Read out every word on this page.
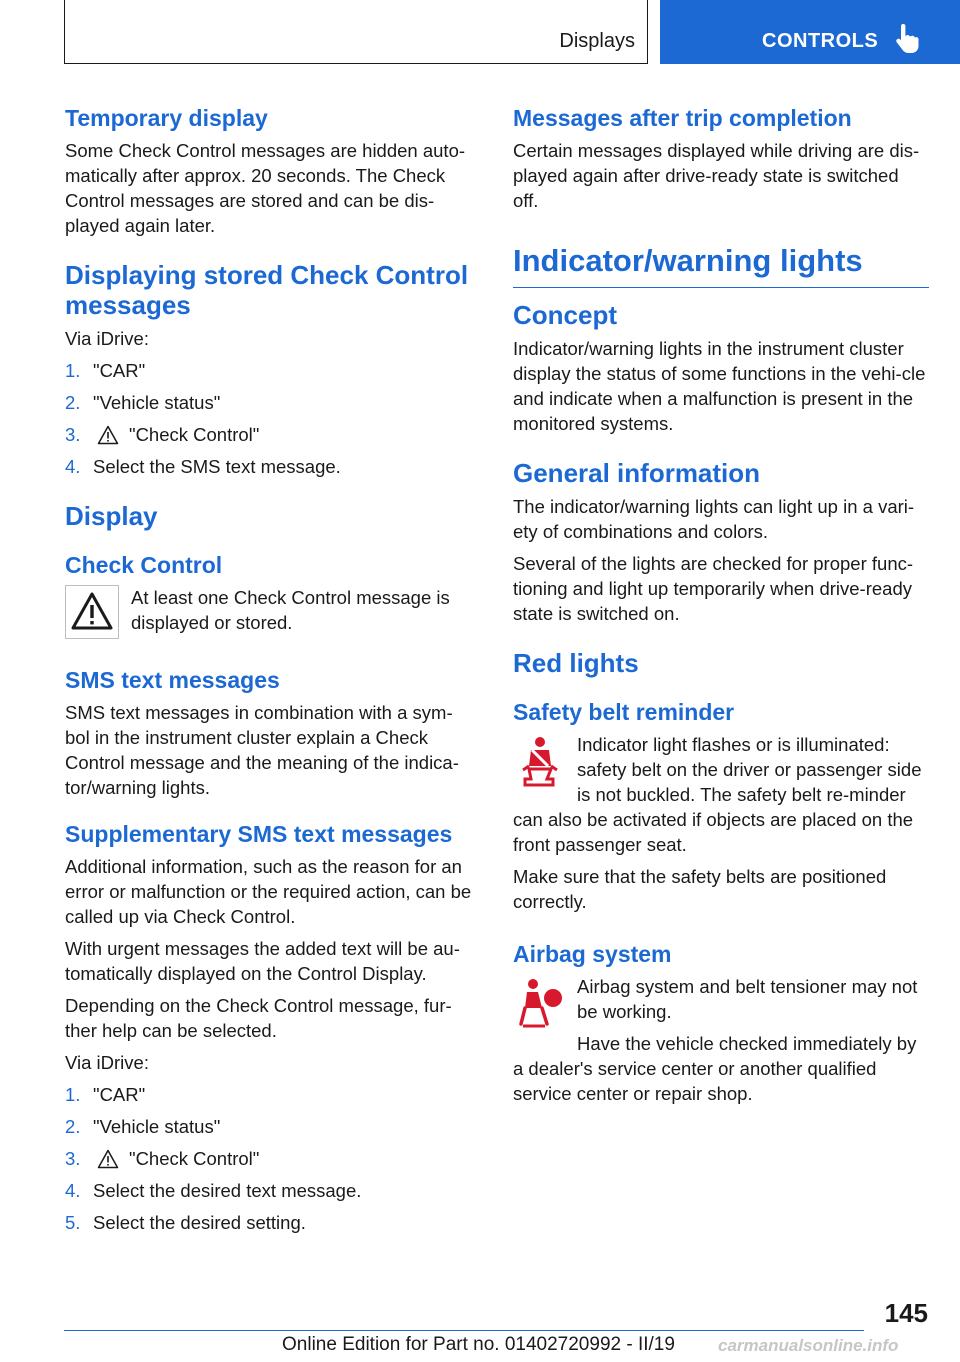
Displays	CONTROLS
Temporary display

Some Check Control messages are hidden auto-matically after approx. 20 seconds. The Check Control messages are stored and can be dis-played again later.

Displaying stored Check Control messages

Via iDrive:

1. "CAR"
2. "Vehicle status"
3.	"Check Control"
4. Select the SMS text message.
Display
Check Control

At least one Check Control message is displayed or stored.

SMS text messages

SMS text messages in combination with a sym-bol in the instrument cluster explain a Check Control message and the meaning of the indica-tor/warning lights.

Supplementary SMS text messages

Additional information, such as the reason for an error or malfunction or the required action, can be called up via Check Control.

With urgent messages the added text will be au-tomatically displayed on the Control Display.

Depending on the Check Control message, fur-ther help can be selected.

Via iDrive:

1. "CAR"
2. "Vehicle status"
3.	"Check Control"
4. Select the desired text message.
5. Select the desired setting.
Messages after trip completion

Certain messages displayed while driving are dis-played again after drive-ready state is switched off.

Indicator/warning lights
Concept

Indicator/warning lights in the instrument cluster display the status of some functions in the vehi-cle and indicate when a malfunction is present in the monitored systems.

General information

The indicator/warning lights can light up in a vari-ety of combinations and colors.

Several of the lights are checked for proper func-tioning and light up temporarily when drive-ready state is switched on.

Red lights
Safety belt reminder

Indicator light flashes or is illuminated: safety belt on the driver or passenger side is not buckled. The safety belt re-minder can also be activated if objects are placed on the front passenger seat.

Make sure that the safety belts are positioned correctly.

Airbag system

Airbag system and belt tensioner may not be working.

Have the vehicle checked immediately by a dealer's service center or another qualified service center or repair shop.

145
Online Edition for Part no. 01402720992 - II/19	carmanualsonline.info
